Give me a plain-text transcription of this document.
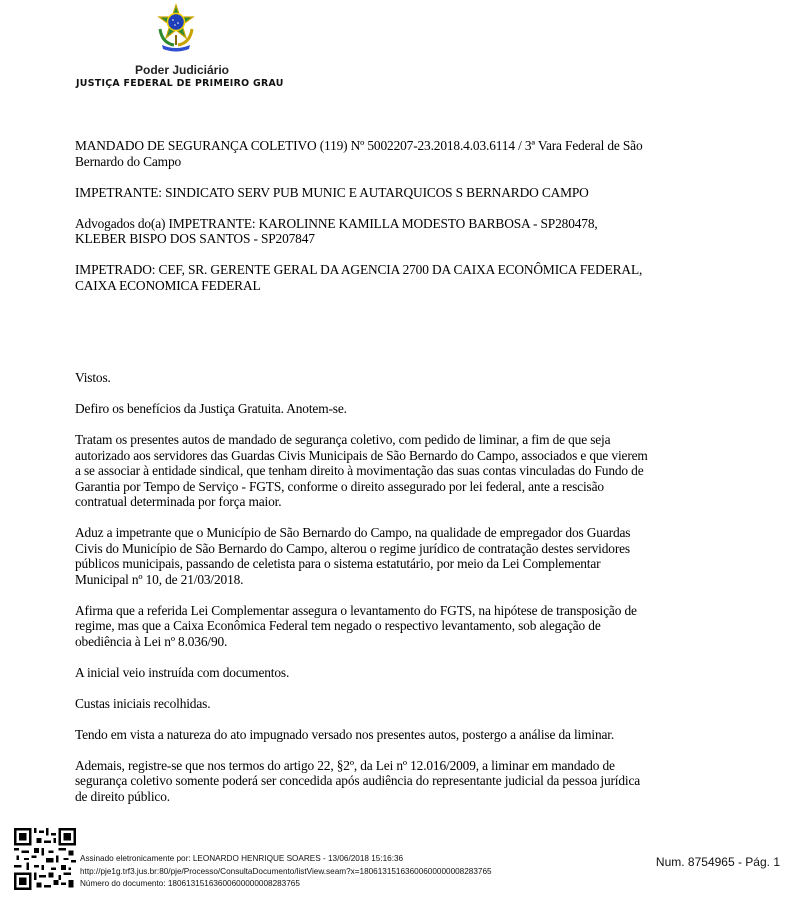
Poder Judiciário
JUSTIÇA FEDERAL DE PRIMEIRO GRAU

MANDADO DE SEGURANÇA COLETIVO (119) Nº 5002207-23.2018.4.03.6114 / 3ª Vara Federal de São

Bernardo do Campo

IMPETRANTE: SINDICATO SERV PUB MUNIC E AUTARQUICOS S BERNARDO CAMPO

Advogados do(a) IMPETRANTE: KAROLINNE KAMILLA MODESTO BARBOSA - SP280478,

KLEBER BISPO DOS SANTOS - SP207847

IMPETRADO: CEF, SR. GERENTE GERAL DA AGENCIA 2700 DA CAIXA ECONÔMICA FEDERAL,

CAIXA ECONOMICA FEDERAL

Vistos.

Defiro os benefícios da Justiça Gratuita. Anotem-se.

Tratam os presentes autos de mandado de segurança coletivo, com pedido de liminar, a fim de que seja

autorizado aos servidores das Guardas Civis Municipais de São Bernardo do Campo, associados e que vierem

a se associar à entidade sindical, que tenham direito à movimentação das suas contas vinculadas do Fundo de

Garantia por Tempo de Serviço - FGTS, conforme o direito assegurado por lei federal, ante a rescisão

contratual determinada por força maior.

Aduz a impetrante que o Município de São Bernardo do Campo, na qualidade de empregador dos Guardas

Civis do Município de São Bernardo do Campo, alterou o regime jurídico de contratação destes servidores

públicos municipais, passando de celetista para o sistema estatutário, por meio da Lei Complementar

Municipal nº 10, de 21/03/2018.

Afirma que a referida Lei Complementar assegura o levantamento do FGTS, na hipótese de transposição de

regime, mas que a Caixa Econômica Federal tem negado o respectivo levantamento, sob alegação de

obediência à Lei nº 8.036/90.

A inicial veio instruída com documentos.

Custas iniciais recolhidas.

Tendo em vista a natureza do ato impugnado versado nos presentes autos, postergo a análise da liminar.

Ademais, registre-se que nos termos do artigo 22, §2º, da Lei nº 12.016/2009, a liminar em mandado de

segurança coletivo somente poderá ser concedida após audiência do representante judicial da pessoa jurídica

de direito público.

Assinado eletronicamente por: LEONARDO HENRIQUE SOARES - 13/06/2018 15:16:36
http://pje1g.trf3.jus.br:80/pje/Processo/ConsultaDocumento/listView.seam?x=18061315163600600000008283765
Número do documento: 18061315163600600000008283765
Num. 8754965 - Pág. 1
